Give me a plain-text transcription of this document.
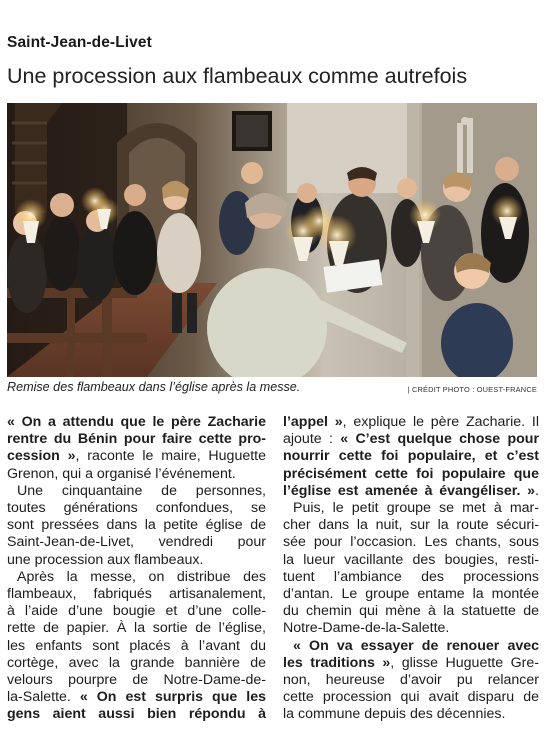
Saint-Jean-de-Livet
Une procession aux flambeaux comme autrefois
Remise des flambeaux dans l’église après la messe.	| CRÉDIT PHOTO : OUEST-FRANCE
« On a attendu que le père Zacharie
rentre du Bénin pour faire cette pro-
cession », raconte le maire, Huguette
Grenon, qui a organisé l’événement.
Une cinquantaine de personnes,
toutes générations confondues, se
sont pressées dans la petite église de
Saint-Jean-de-Livet, vendredi pour
une procession aux flambeaux.
Après la messe, on distribue des
flambeaux, fabriqués artisanalement,
à l’aide d’une bougie et d’une colle-
rette de papier. À la sortie de l’église,
les enfants sont placés à l’avant du
cortège, avec la grande bannière de
velours pourpre de Notre-Dame-de-
la-Salette. « On est surpris que les
gens aient aussi bien répondu à
l’appel », explique le père Zacharie. Il
ajoute : « C’est quelque chose pour
nourrir cette foi populaire, et c’est
précisément cette foi populaire que
l’église est amenée à évangéliser. ».
Puis, le petit groupe se met à mar-
cher dans la nuit, sur la route sécuri-
sée pour l’occasion. Les chants, sous
la lueur vacillante des bougies, resti-
tuent l’ambiance des processions
d’antan. Le groupe entame la montée
du chemin qui mène à la statuette de
Notre-Dame-de-la-Salette.
« On va essayer de renouer avec
les traditions », glisse Huguette Gre-
non, heureuse d’avoir pu relancer
cette procession qui avait disparu de
la commune depuis des décennies.
